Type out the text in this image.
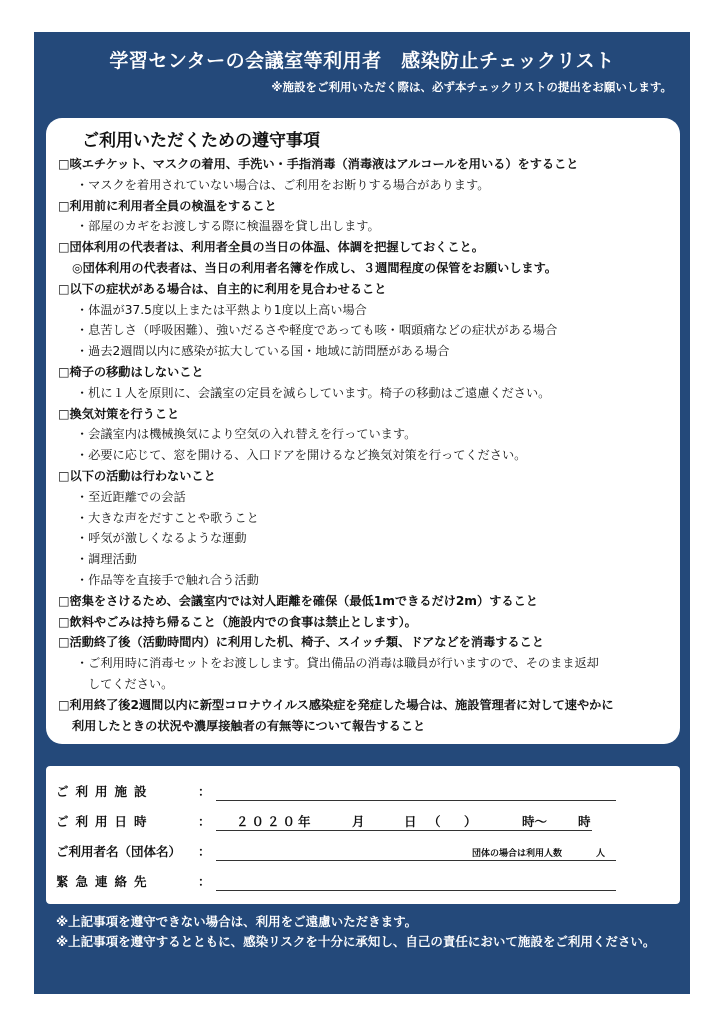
学習センターの会議室等利用者　感染防止チェックリスト
※施設をご利用いただく際は、必ず本チェックリストの提出をお願いします。
ご利用いただくための遵守事項
□咳エチケット、マスクの着用、手洗い・手指消毒（消毒液はアルコールを用いる）をすること
・マスクを着用されていない場合は、ご利用をお断りする場合があります。
□利用前に利用者全員の検温をすること
・部屋のカギをお渡しする際に検温器を貸し出します。
□団体利用の代表者は、利用者全員の当日の体温、体調を把握しておくこと。
◎団体利用の代表者は、当日の利用者名簿を作成し、３週間程度の保管をお願いします。
□以下の症状がある場合は、自主的に利用を見合わせること
・体温が37.5度以上または平熱より1度以上高い場合
・息苦しさ（呼吸困難）、強いだるさや軽度であっても咳・咽頭痛などの症状がある場合
・過去2週間以内に感染が拡大している国・地域に訪問歴がある場合
□椅子の移動はしないこと
・机に１人を原則に、会議室の定員を減らしています。椅子の移動はご遠慮ください。
□換気対策を行うこと
・会議室内は機械換気により空気の入れ替えを行っています。
・必要に応じて、窓を開ける、入口ドアを開けるなど換気対策を行ってください。
□以下の活動は行わないこと
・至近距離での会話
・大きな声をだすことや歌うこと
・呼気が激しくなるような運動
・調理活動
・作品等を直接手で触れ合う活動
□密集をさけるため、会議室内では対人距離を確保（最低1mできるだけ2m）すること
□飲料やごみは持ち帰ること（施設内での食事は禁止とします）。
□活動終了後（活動時間内）に利用した机、椅子、スイッチ類、ドアなどを消毒すること
・ご利用時に消毒セットをお渡しします。貸出備品の消毒は職員が行いますので、そのまま返却
してください。
□利用終了後2週間以内に新型コロナウイルス感染症を発症した場合は、施設管理者に対して速やかに
利用したときの状況や濃厚接触者の有無等について報告すること
ご利用施設	：
ご利用日時	： ２０２０年	月	日 （ ）	時～ 時
ご利用者名（団体名） ：	団体の場合は利用人数	人
緊急連絡先	：

※上記事項を遵守できない場合は、利用をご遠慮いただきます。

※上記事項を遵守するとともに、感染リスクを十分に承知し、自己の責任において施設をご利用ください。
